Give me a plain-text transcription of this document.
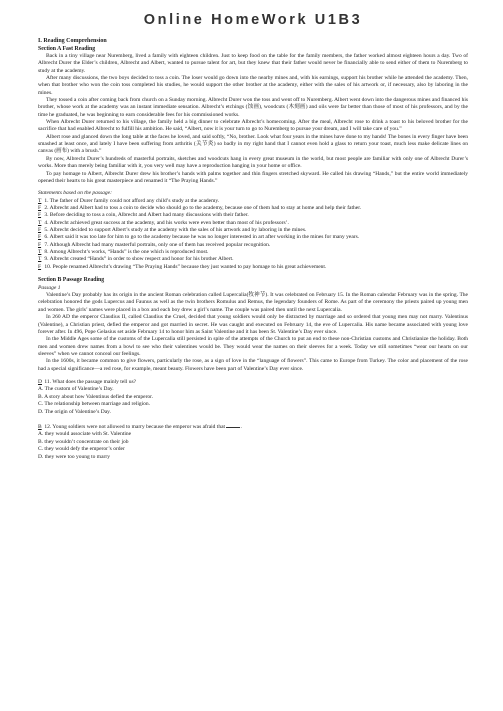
Online HomeWork U1B3

I. Reading Comprehension

Section A Fast Reading

Back in a tiny village near Nuremberg, lived a family with eighteen children. Just to keep food on the table for the family members, the father worked almost eighteen hours a day. Two of Albrecht Durer the Elder’s children, Albrecht and Albert, wanted to pursue talent for art, but they knew that their father would never be financially able to send either of them to Nuremberg to study at the academy.

After many discussions, the two boys decided to toss a coin. The loser would go down into the nearby mines and, with his earnings, support his brother while he attended the academy. Then, when that brother who won the coin toss completed his studies, he would support the other brother at the academy, either with the sales of his artwork or, if necessary, also by laboring in the mines.

They tossed a coin after coming back from church on a Sunday morning. Albrecht Durer won the toss and went off to Nuremberg. Albert went down into the dangerous mines and financed his brother, whose work at the academy was an instant immediate sensation. Albrecht’s etchings (蚀画), woodcuts (木刻画) and oils were far better than those of most of his professors, and by the time he graduated, he was beginning to earn considerable fees for his commissioned works.

When Albrecht Durer returned to his village, the family held a big dinner to celebrate Albrecht’s homecoming. After the meal, Albrecht rose to drink a toast to his beloved brother for the sacrifice that had enabled Albrecht to fulfill his ambition. He said, “Albert, now it is your turn to go to Nuremberg to pursue your dream, and I will take care of you.”

Albert rose and glanced down the long table at the faces he loved, and said softly, “No, brother. Look what four years in the mines have done to my hands! The bones in every finger have been smashed at least once, and lately I have been suffering from arthritis (关节炎) so badly in my right hand that I cannot even hold a glass to return your toast, much less make delicate lines on canvas (画布) with a brush.”

By now, Albrecht Durer’s hundreds of masterful portraits, sketches and woodcuts hang in every great museum in the world, but most people are familiar with only one of Albrecht Durer’s works. More than merely being familiar with it, you very well may have a reproduction hanging in your home or office.

To pay homage to Albert, Albrecht Durer drew his brother’s hands with palms together and thin fingers stretched skyward. He called his drawing “Hands,” but the entire world immediately opened their hearts to his great masterpiece and renamed it “The Praying Hands.”

Statements based on the passage:

T 1. The father of Durer family could not afford any child’s study at the academy.

F 2. Albrecht and Albert had to toss a coin to decide who should go to the academy, because one of them had to stay at home and help their father.

F 3. Before deciding to toss a coin, Albrecht and Albert had many discussions with their father.

T 4. Albrecht achieved great success at the academy, and his works were even better than most of his professors’.

F 5. Albrecht decided to support Albert’s study at the academy with the sales of his artwork and by laboring in the mines.

F 6. Albert said it was too late for him to go to the academy because he was no longer interested in art after working in the mines for many years.

F 7. Although Albrecht had many masterful portraits, only one of them has received popular recognition.

T 8. Among Albrecht’s works, “Hands” is the one which is reproduced most.

T 9. Albrecht created “Hands” in order to show respect and honor for his brother Albert.

F 10. People renamed Albrecht’s drawing “The Praying Hands” because they just wanted to pay homage to his great achievement.

Section B Passage Reading

Passage 1

Valentine’s Day probably has its origin in the ancient Roman celebration called Lupercalia(牧神节). It was celebrated on February 15. In the Roman calendar February was in the spring. The celebration honored the gods Lupercus and Faunus as well as the twin brothers Romulus and Remus, the legendary founders of Rome. As part of the ceremony the priests paired up young men and women. The girls’ names were placed in a box and each boy drew a girl’s name. The couple was paired then until the next Lupercalia.

In 260 AD the emperor Claudius II, called Claudius the Cruel, decided that young soldiers would only be distracted by marriage and so ordered that young men may not marry. Valentinus (Valentine), a Christian priest, defied the emperor and got married in secret. He was caught and executed on February 14, the eve of Lupercalia. His name became associated with young love forever after. In 496, Pope Gelasius set aside February 14 to honor him as Saint Valentine and it has been St. Valentine’s Day ever since.

In the Middle Ages some of the customs of the Lupercalia still persisted in spite of the attempts of the Church to put an end to these non-Christian customs and Christianize the holiday. Both men and women drew names from a bowl to see who their valentines would be. They would wear the names on their sleeves for a week. Today we still sometimes “wear our hearts on our sleeves” when we cannot conceal our feelings.

In the 1600s, it became common to give flowers, particularly the rose, as a sign of love in the “language of flowers”. This came to Europe from Turkey. The color and placement of the rose had a special significance—a red rose, for example, meant beauty. Flowers have been part of Valentine’s Day ever since.

D 11. What does the passage mainly tell us?

A. The custom of Valentine’s Day.

B. A story about how Valentinus defied the emperor.

C. The relationship between marriage and religion.

D. The origin of Valentine’s Day.

B 12. Young soldiers were not allowed to marry because the emperor was afraid that	.

A. they would associate with St. Valentine

B. they wouldn’t concentrate on their job

C. they would defy the emperor’s order

D. they were too young to marry
